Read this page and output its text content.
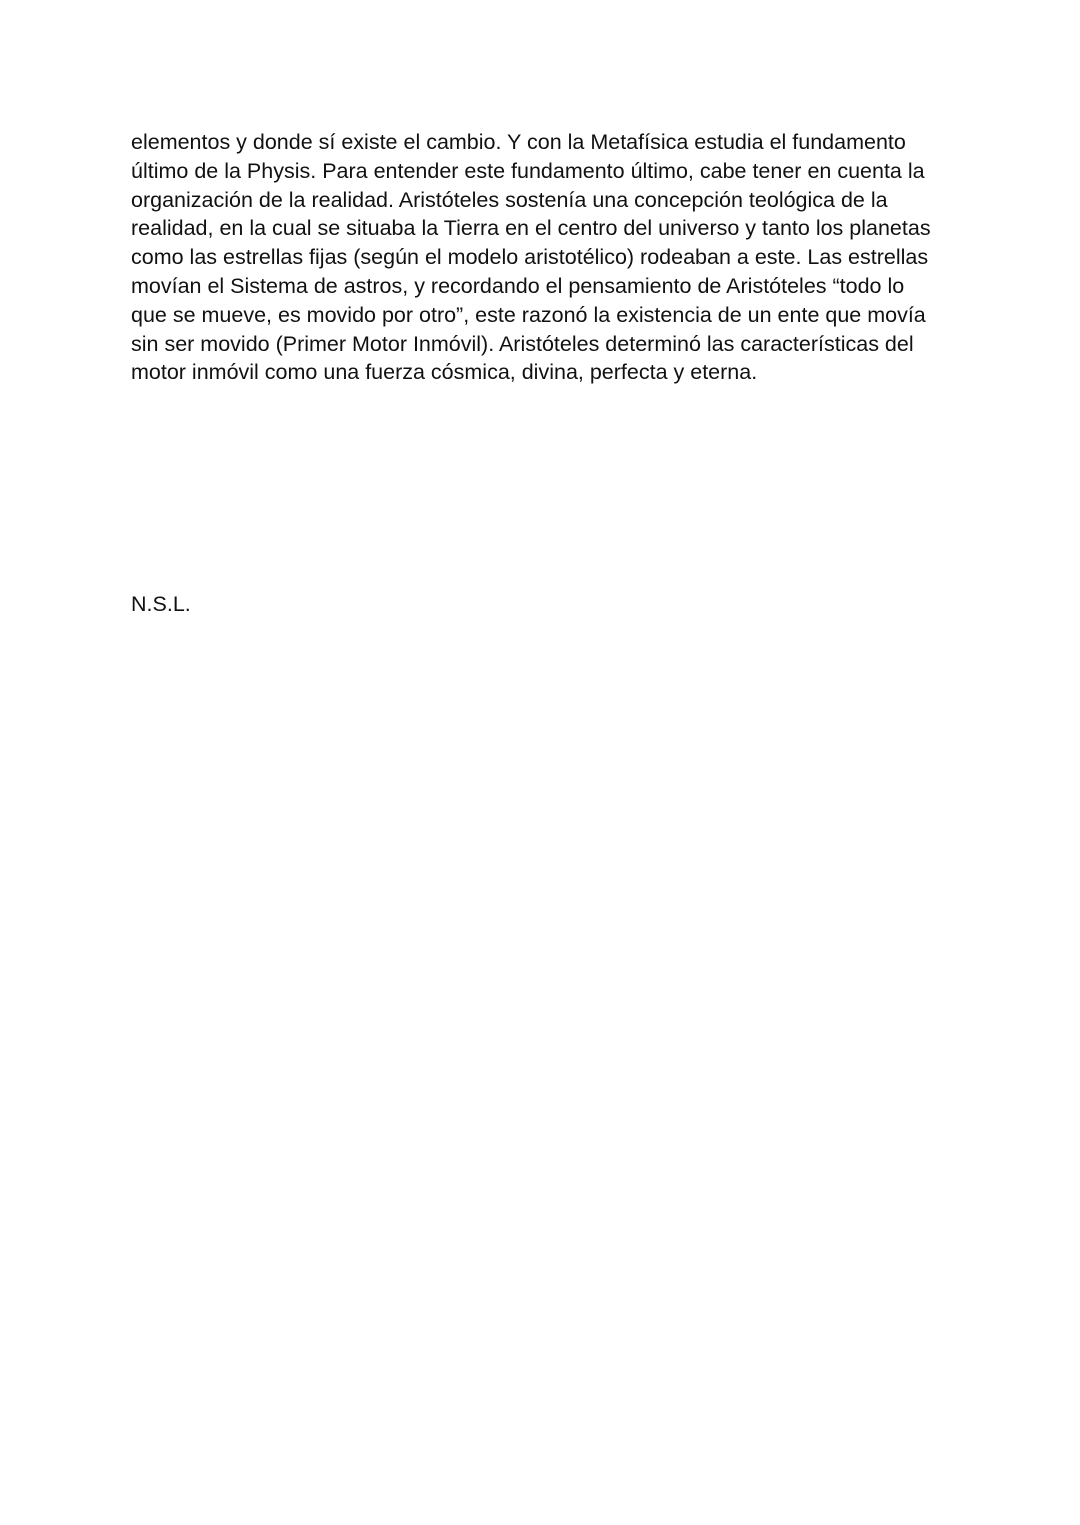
elementos y donde sí existe el cambio. Y con la Metafísica estudia el fundamento
último de la Physis. Para entender este fundamento último, cabe tener en cuenta la
organización de la realidad. Aristóteles sostenía una concepción teológica de la
realidad, en la cual se situaba la Tierra en el centro del universo y tanto los planetas
como las estrellas fijas (según el modelo aristotélico) rodeaban a este. Las estrellas
movían el Sistema de astros, y recordando el pensamiento de Aristóteles “todo lo
que se mueve, es movido por otro”, este razonó la existencia de un ente que movía
sin ser movido (Primer Motor Inmóvil). Aristóteles determinó las características del
motor inmóvil como una fuerza cósmica, divina, perfecta y eterna.

N.S.L.
